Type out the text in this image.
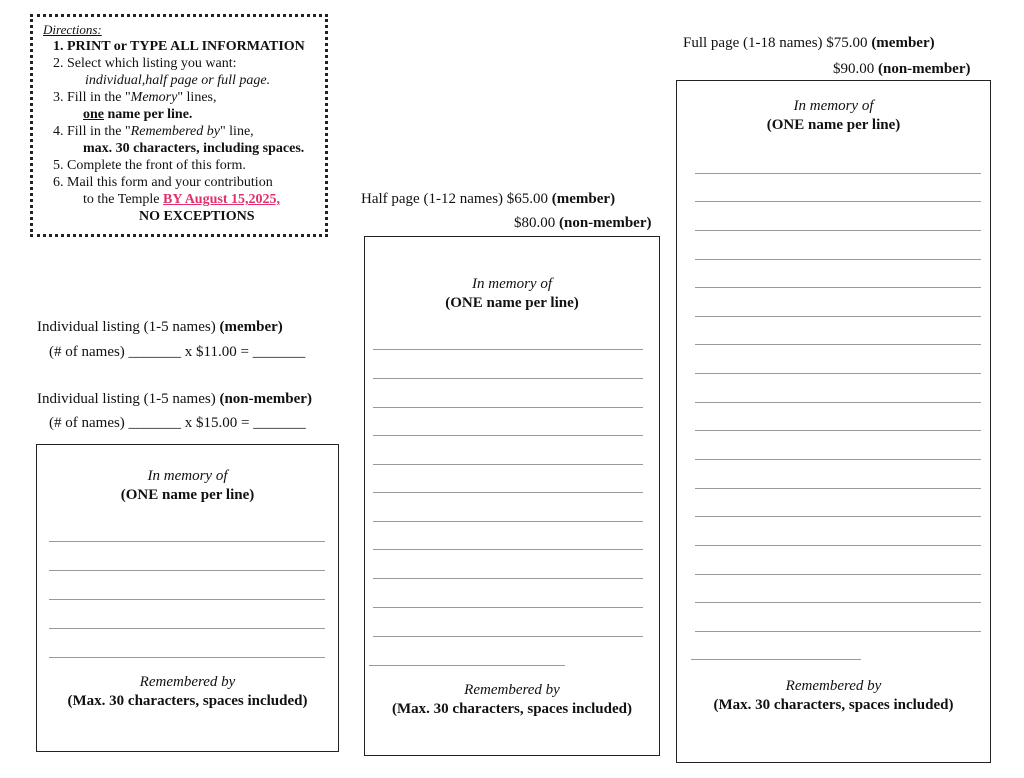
Directions:
1. PRINT or TYPE ALL INFORMATION
2. Select which listing you want:
individual,half page or full page.
3. Fill in the "Memory" lines,
one name per line.
4. Fill in the "Remembered by" line,
max. 30 characters, including spaces.
5. Complete the front of this form.
6. Mail this form and your contribution
to the Temple BY August 15,2025,
NO EXCEPTIONS
Full page (1-18 names) $75.00 (member)
$90.00 (non-member)
Half page (1-12 names) $65.00 (member)
$80.00 (non-member)
Individual listing (1-5 names) (member)
(# of names) _______ x $11.00 = _______
Individual listing (1-5 names) (non-member)
(# of names) _______ x $15.00 = _______
In memory of
(ONE name per line)
Remembered by
(Max. 30 characters, spaces included)
In memory of
(ONE name per line)
Remembered by
(Max. 30 characters, spaces included)
In memory of
(ONE name per line)
Remembered by
(Max. 30 characters, spaces included)
